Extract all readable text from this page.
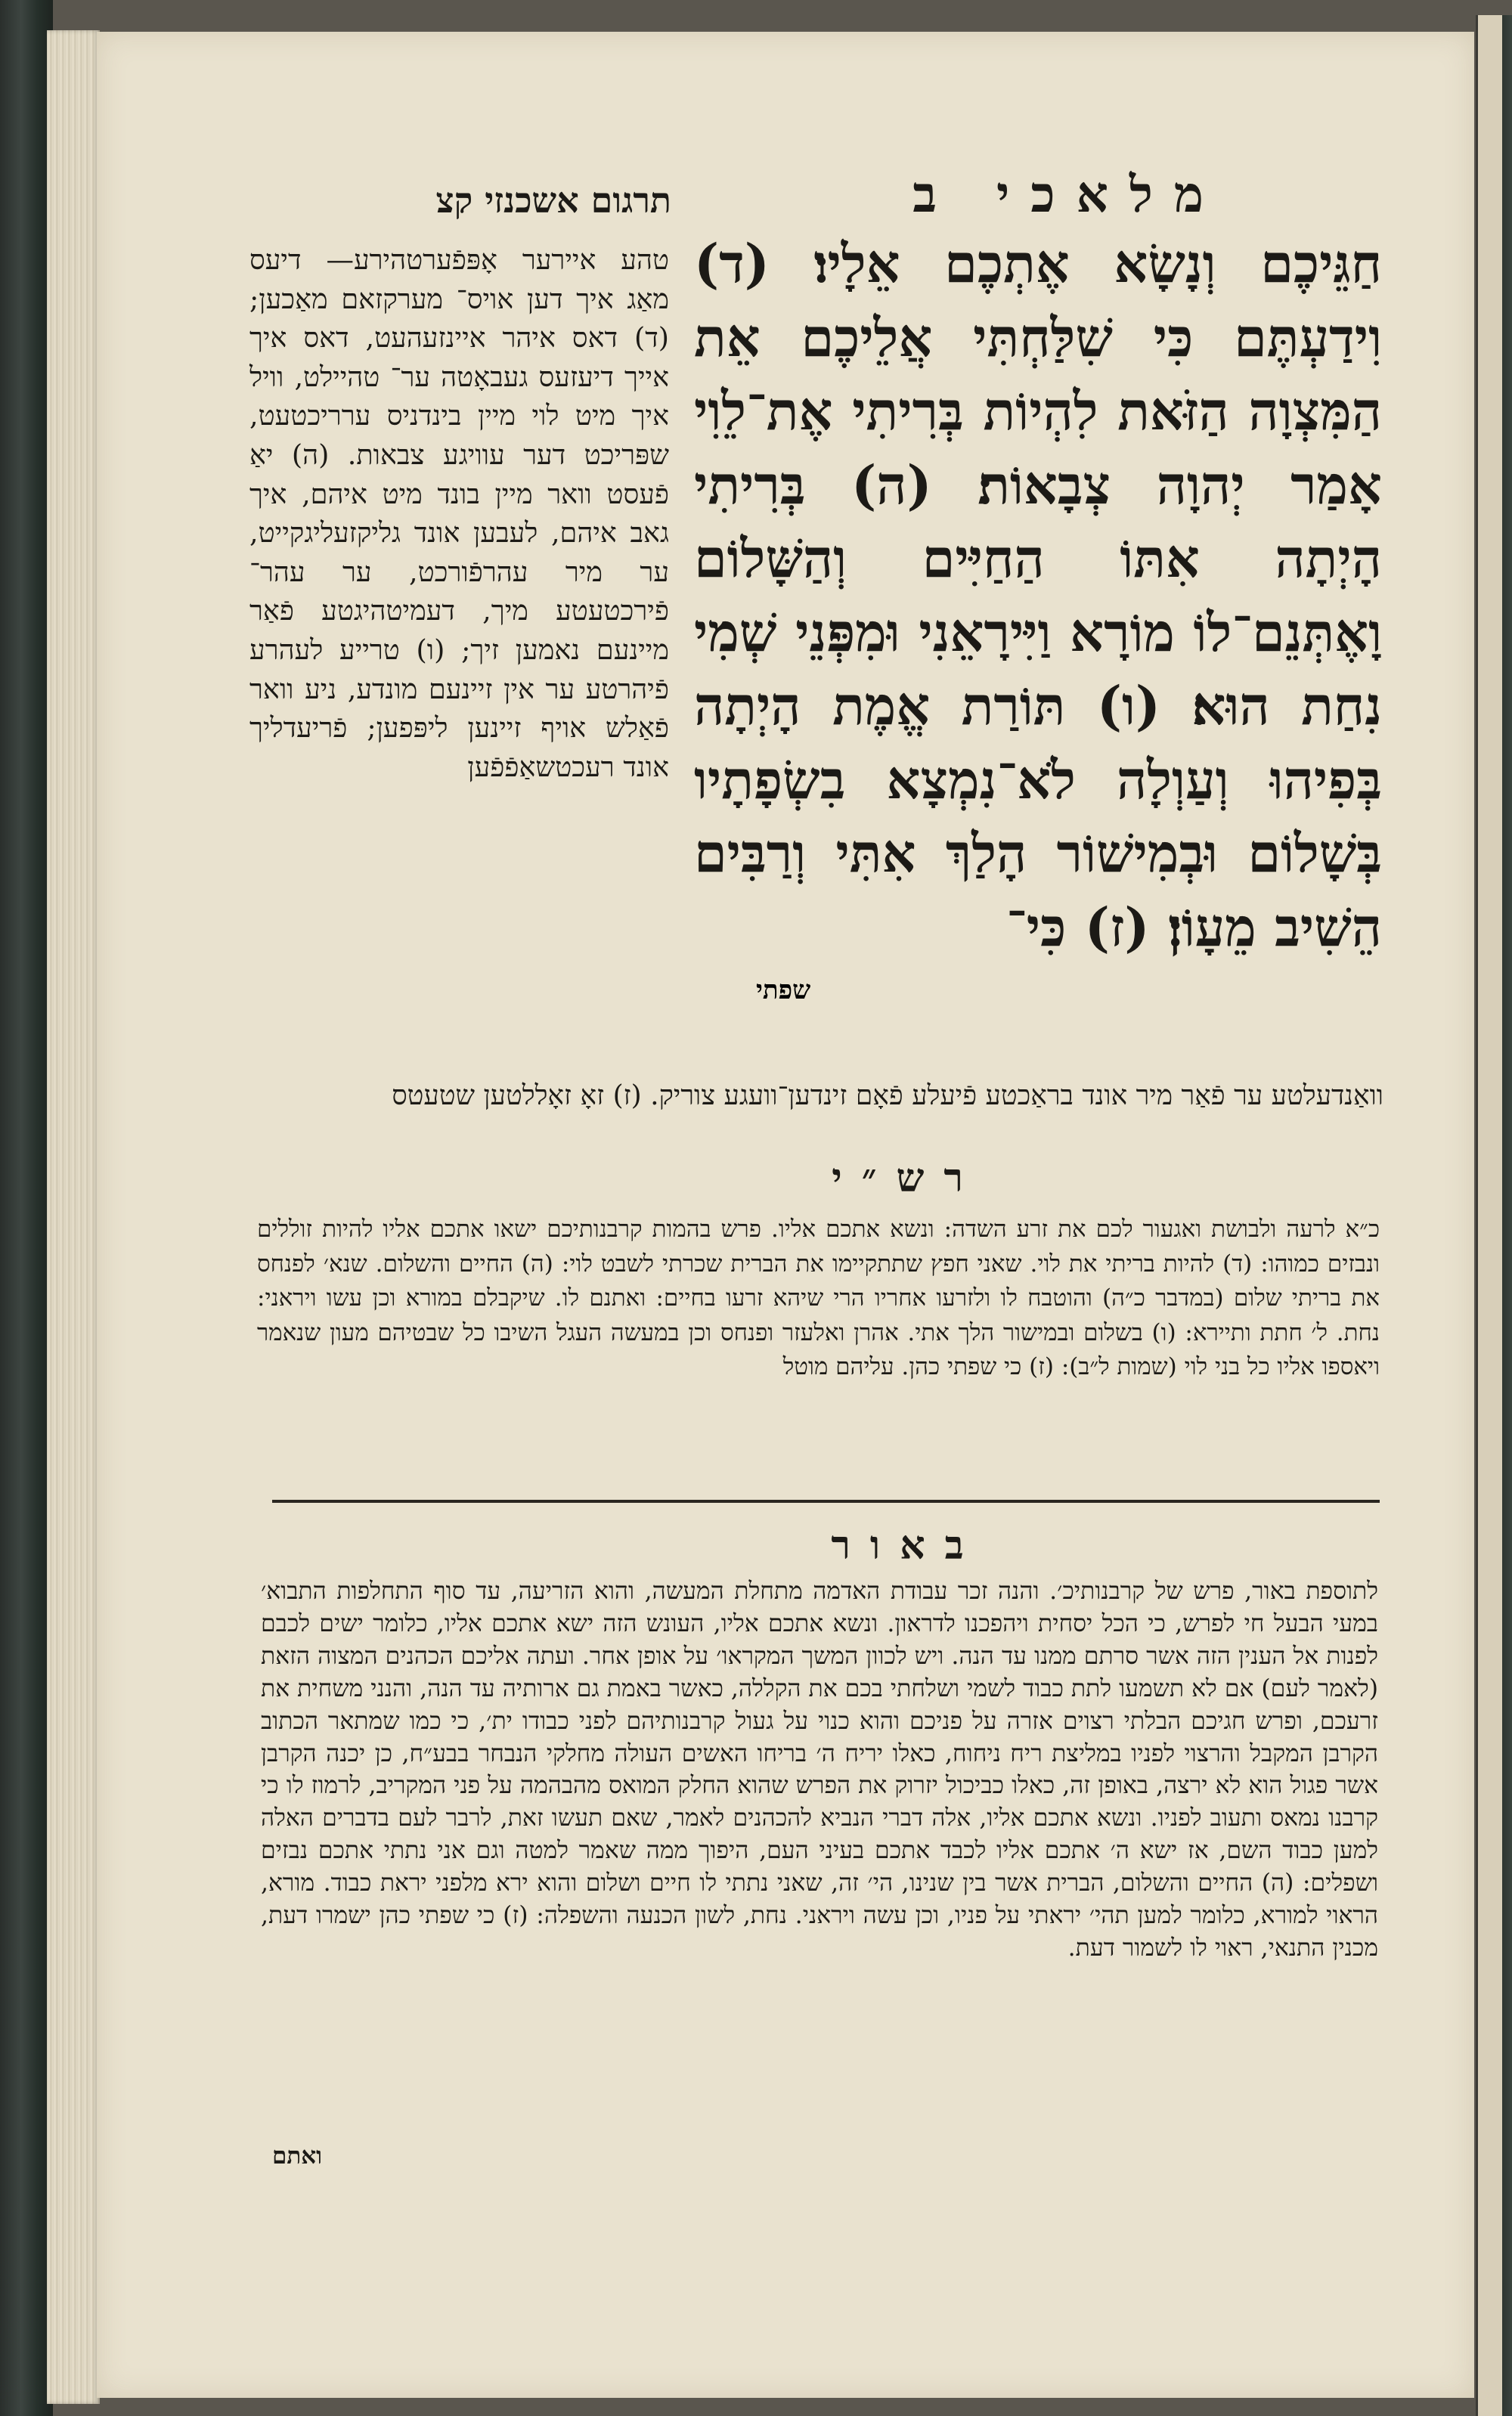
מלאכי ב
תרגום אשכנזי קצ
חַגֵּיכֶם וְנָשָׂא אֶתְכֶם אֵלָיו׃ (ד) וִידַעְתֶּם כִּי שִׁלַּחְתִּי אֲלֵיכֶם אֵת הַמִּצְוָה הַזֹּאת לִהְיוֹת בְּרִיתִי אֶת־לֵוִי אָמַר יְהוָה צְבָאוֹת׃ (ה) בְּרִיתִי הָיְתָה אִתּוֹ הַחַיִּים וְהַשָּׁלוֹם וָאֶתְּנֵם־לוֹ מוֹרָא וַיִּירָאֵנִי וּמִפְּנֵי שְׁמִי נִחַת הוּא׃ (ו) תּוֹרַת אֱמֶת הָיְתָה בְּפִיהוּ וְעַוְלָה לֹא־נִמְצָא בִשְׂפָתָיו בְּשָׁלוֹם וּבְמִישׁוֹר הָלַךְ אִתִּי וְרַבִּים הֵשִׁיב מֵעָוֹן׃ (ז) כִּי־
שפתי
טהע איירער אָפּפֿערטהירע— דיעס מאַג איך דען אויס־ מערקזאם מאַכען; (ד) דאס איהר איינזעהעט, דאס איך אייך דיעזעס געבאָטה ער־ טהיילט, וויל איך מיט לוי מיין בינדניס ערריכטעט, שפּריכט דער עוויגע צבאות. (ה) יאַ פֿעסט וואר מיין בונד מיט איהם, איך גאב איהם, לעבען אונד גליקזעליגקייט, ער מיר עהרפֿורכט, ער עהר־ פֿירכטעטע מיך, דעמיטהיגטע פֿאַר מיינעם נאמען זיך; (ו) טרייע לעהרע פֿיהרטע ער אין זיינעם מונדע, ניע וואר פֿאַלש אויף זיינען ליפּפען; פֿריעדליך אונד רעכטשאַפֿפֿען
וואַנדעלטע ער פֿאַר מיר אונד בראַכטע פֿיעלע פֿאָם זינדען־וועגע צוריק. (ז) זאָ זאָללטען שטעטס
רש״י
כ״א לרעה ולבושת ואגעור לכם את זרע השדה: ונשא אתכם אליו. פרש בהמות קרבנותיכם ישאו אתכם אליו להיות זוללים ונבזים כמוהו: (ד) להיות בריתי את לוי. שאני חפץ שתתקיימו את הברית שכרתי לשבט לוי: (ה) החיים והשלום. שנא׳ לפנחס את בריתי שלום (במדבר כ״ה) והוטבח לו ולזרעו אחריו הרי שיהא זרעו בחיים: ואתנם לו. שיקבלם במורא וכן עשו ויראני: נחת. ל׳ חתת ותיירא: (ו) בשלום ובמישור הלך אתי. אהרן ואלעזר ופנחס וכן במעשה העגל השיבו כל שבטיהם מעון שנאמר ויאספו אליו כל בני לוי (שמות ל״ב): (ז) כי שפתי כהן. עליהם מוטל
באור
לתוספת באור, פרש של קרבנותיכ׳. והנה זכר עבודת האדמה מתחלת המעשה, והוא הזריעה, עד סוף התחלפות התבוא׳ במעי הבעל חי לפרש, כי הכל יסחית ויהפכנו לדראון. ונשא אתכם אליו, העונש הזה ישא אתכם אליו, כלומר ישים לכבם לפנות אל הענין הזה אשר סרתם ממנו עד הנה. ויש לכוון המשך המקראו׳ על אופן אחר. ועתה אליכם הכהנים המצוה הזאת (לאמר לעם) אם לא תשמעו לתת כבוד לשמי ושלחתי בכם את הקללה, כאשר באמת גם ארותיה עד הנה, והנני משחית את זרעכם, ופרש חגיכם הבלתי רצוים אזרה על פניכם והוא כנוי על געול קרבנותיהם לפני כבודו ית׳, כי כמו שמתאר הכתוב הקרבן המקבל והרצוי לפניו במליצת ריח ניחוח, כאלו יריח ה׳ בריחו האשים העולה מחלקי הנבחר בבע״ח, כן יכנה הקרבן אשר פגול הוא לא ירצה, באופן זה, כאלו כביכול יזרוק את הפרש שהוא החלק המואס מהבהמה על פני המקריב, לרמוז לו כי קרבנו נמאס ותעוב לפניו. ונשא אתכם אליו, אלה דברי הנביא להכהנים לאמר, שאם תעשו זאת, לרבר לעם בדברים האלה למען כבוד השם, אז ישא ה׳ אתכם אליו לכבד אתכם בעיני העם, היפוך ממה שאמר למטה וגם אני נתתי אתכם נבזים ושפלים: (ה) החיים והשלום, הברית אשר בין שנינו, הי׳ זה, שאני נתתי לו חיים ושלום והוא ירא מלפני יראת כבוד. מורא, הראוי למורא, כלומר למען תהי׳ יראתי על פניו, וכן עשה ויראני. נחת, לשון הכנעה והשפלה: (ז) כי שפתי כהן ישמרו דעת, מכנין התנאי, ראוי לו לשמור דעת.
ואתם
